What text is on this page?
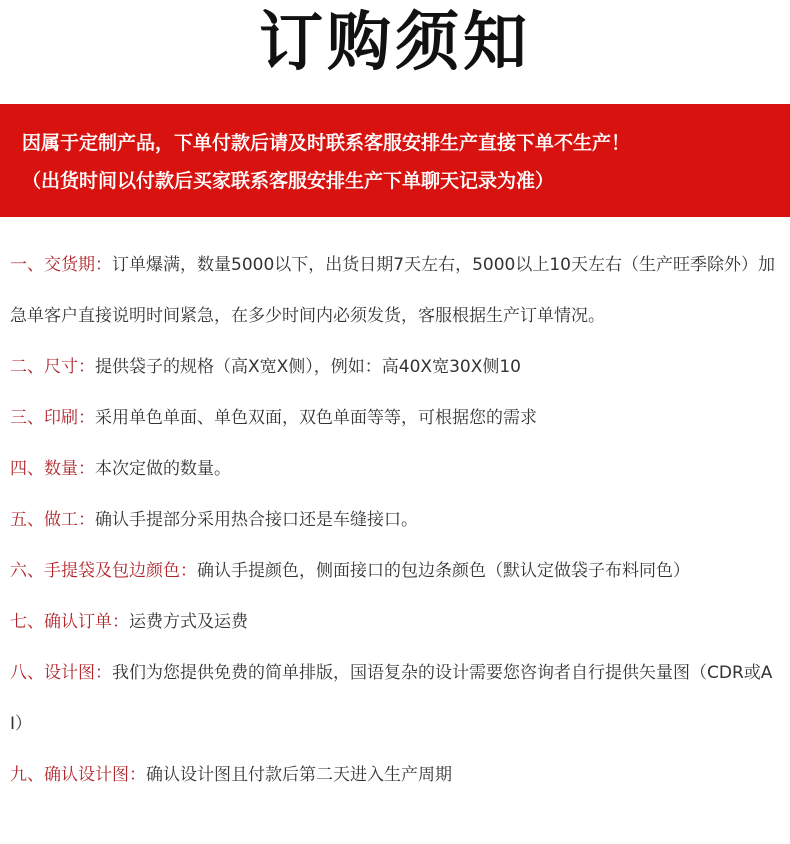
订购须知
因属于定制产品，下单付款后请及时联系客服安排生产直接下单不生产！
（出货时间以付款后买家联系客服安排生产下单聊天记录为准）
一、交货期：订单爆满，数量5000以下，出货日期7天左右，5000以上10天左右（生产旺季除外）加急单客户直接说明时间紧急，在多少时间内必须发货，客服根据生产订单情况。
二、尺寸：提供袋子的规格（高X宽X侧），例如：高40X宽30X侧10
三、印刷：采用单色单面、单色双面，双色单面等等，可根据您的需求
四、数量：本次定做的数量。
五、做工：确认手提部分采用热合接口还是车缝接口。
六、手提袋及包边颜色：确认手提颜色，侧面接口的包边条颜色（默认定做袋子布料同色）
七、确认订单：运费方式及运费
八、设计图：我们为您提供免费的简单排版，国语复杂的设计需要您咨询者自行提供矢量图（CDR或AI）
九、确认设计图：确认设计图且付款后第二天进入生产周期
